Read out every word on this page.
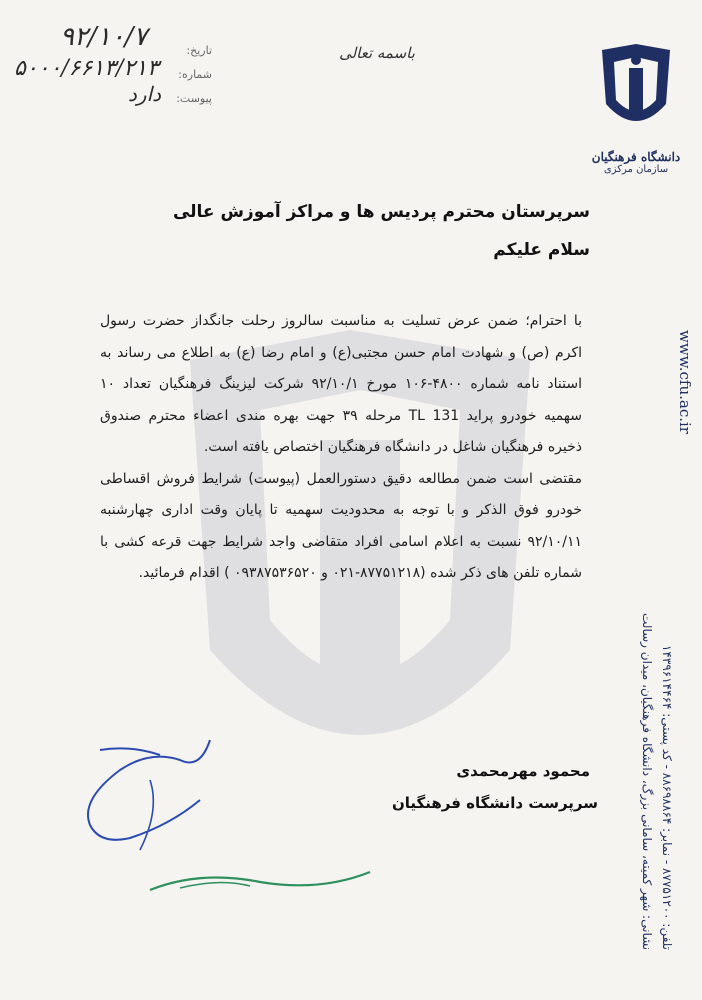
تاریخ:
شماره:
پیوست:
۹۲/۱۰/۷
۵۰۰۰/۶۶۱۳/۲۱۳
دارد
باسمه تعالی
دانشگاه فرهنگیان
سازمان مرکزی
نشانی: شهر کمیته، سامانی بزرگ، دانشگاه فرهنگیان، میدان رسالت تلفن: ۸۷۷۵۱۲۰۰ - نمابر: ۸۸۶۹۸۸۶۴ - کد پستی: ۱۴۳۹۶۱۴۴۶۴
www.cfu.ac.ir
سرپرستان محترم پردیس ها و مراکز آموزش عالی
سلام علیکم

با احترام؛ ضمن عرض تسلیت به مناسبت سالروز رحلت جانگداز حضرت رسول اکرم (ص) و شهادت امام حسن مجتبی(ع) و امام رضا (ع) به اطلاع می رساند به استناد نامه شماره ۴۸۰۰-۱۰۶ مورخ ۹۲/۱۰/۱ شرکت لیزینگ فرهنگیان تعداد ۱۰ سهمیه خودرو پراید TL 131 مرحله ۳۹ جهت بهره مندی اعضاء محترم صندوق ذخیره فرهنگیان شاغل در دانشگاه فرهنگیان اختصاص یافته است.

مقتضی است ضمن مطالعه دقیق دستورالعمل (پیوست) شرایط فروش اقساطی خودرو فوق الذکر و با توجه به محدودیت سهمیه تا پایان وقت اداری چهارشنبه ۹۲/۱۰/۱۱ نسبت به اعلام اسامی افراد متقاضی واجد شرایط جهت قرعه کشی با شماره تلفن های ذکر شده (۸۷۷۵۱۲۱۸-۰۲۱ و ۰۹۳۸۷۵۳۶۵۲۰ ) اقدام فرمائید.

محمود مهرمحمدی
سرپرست دانشگاه فرهنگیان
